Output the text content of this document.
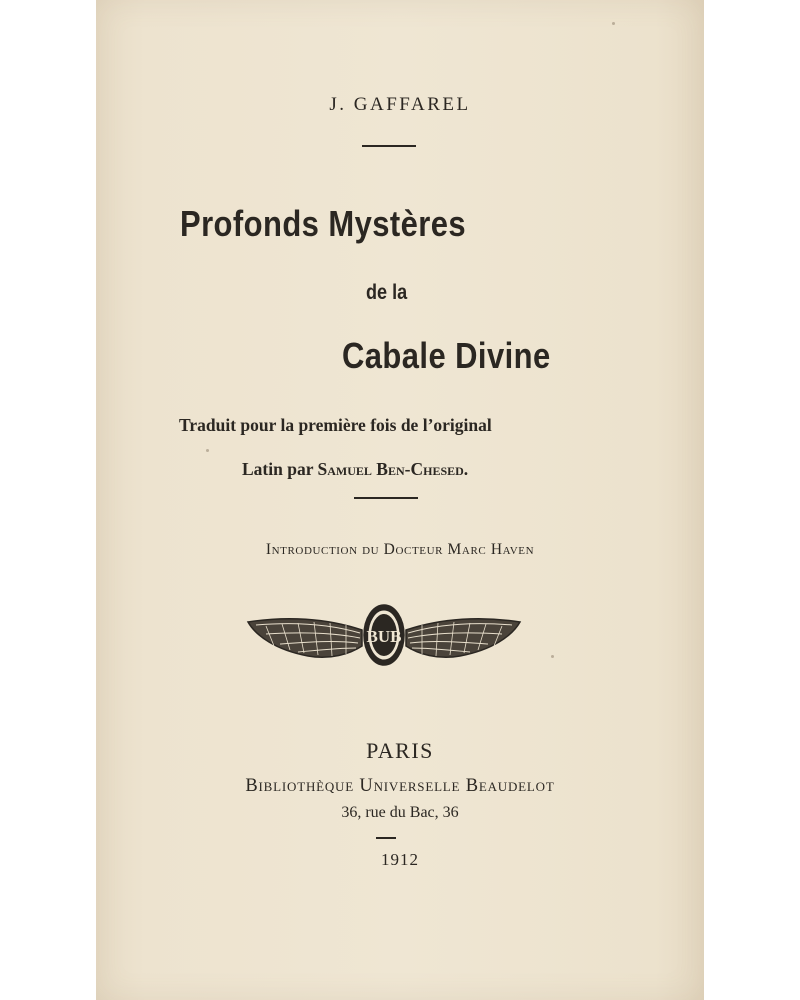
J. GAFFAREL
Profonds Mystères
de la
Cabale Divine
Traduit pour la première fois de l’original
Latin par Samuel Ben-Chesed.
Introduction du Docteur Marc Haven
BUB
PARIS
Bibliothèque Universelle Beaudelot
36, rue du Bac, 36
1912
